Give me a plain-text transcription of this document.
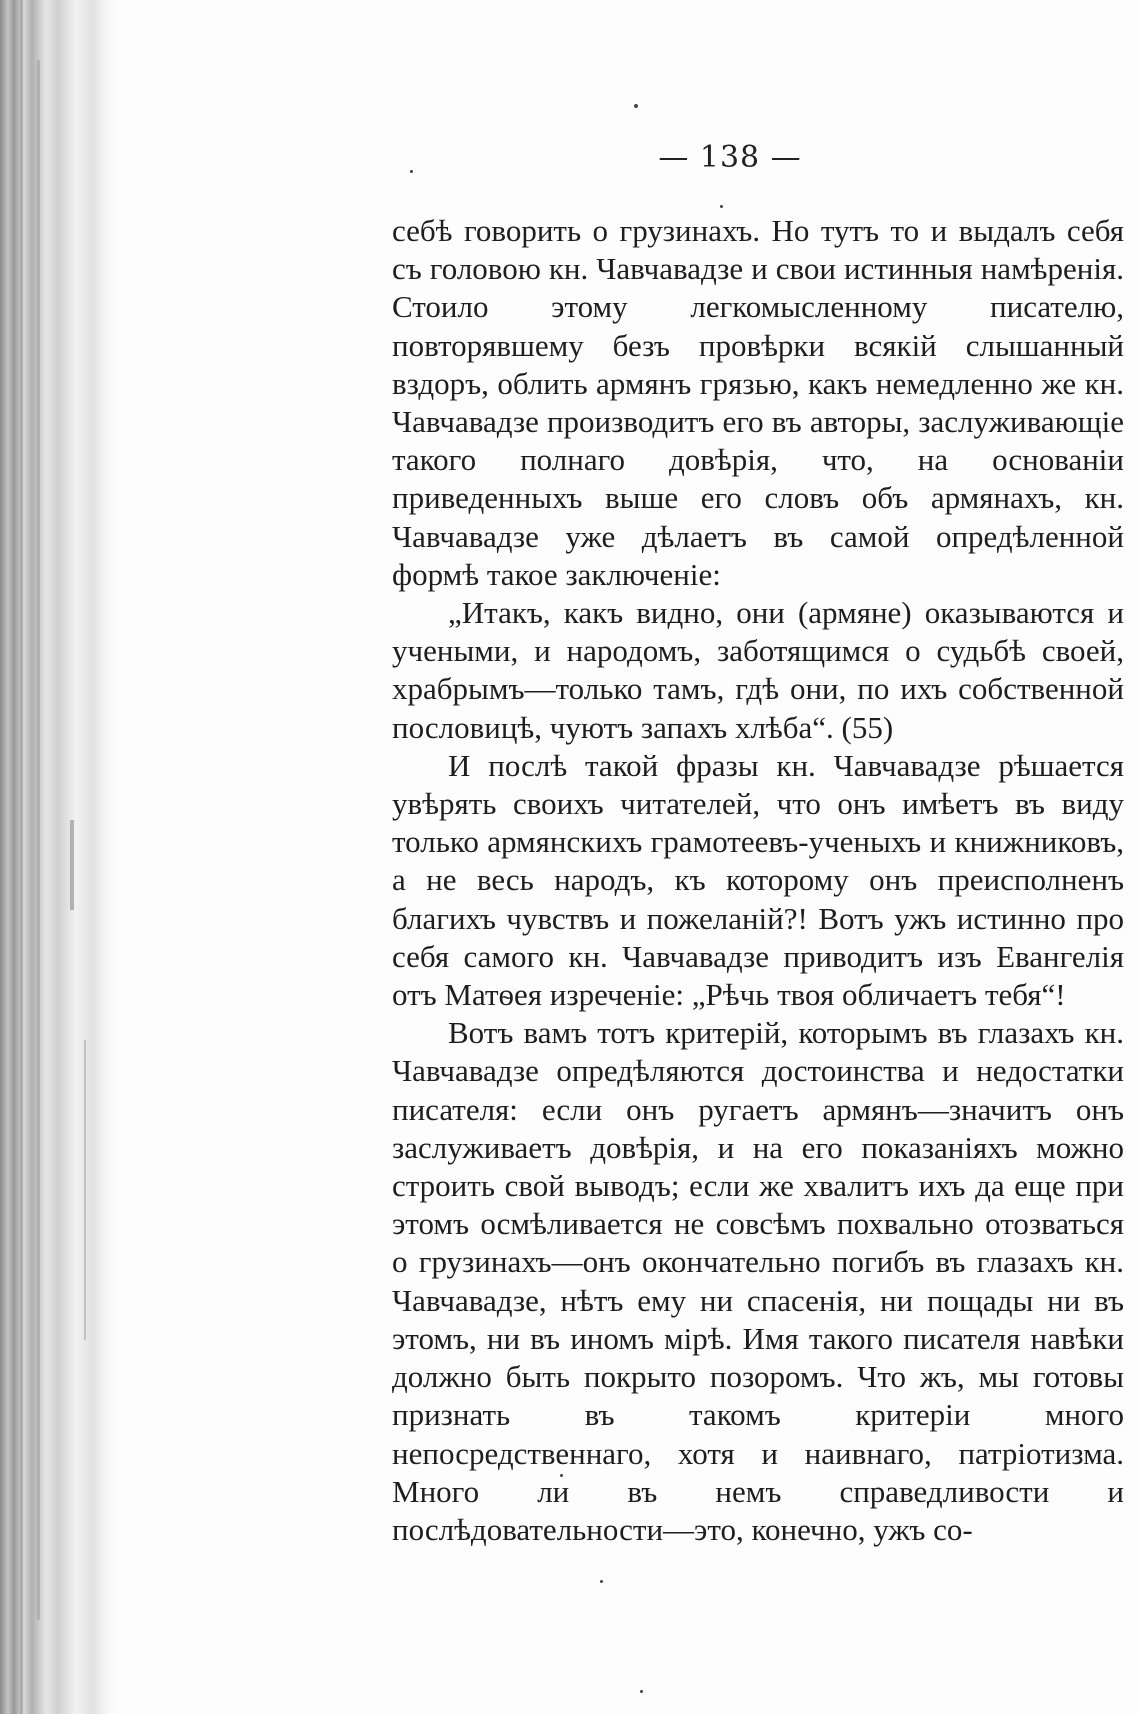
— 138 —

себѣ говорить о грузинахъ. Но тутъ то и выдалъ себя съ головою кн. Чавчавадзе и свои истинныя намѣренія. Стоило этому легкомысленному писателю, повторявшему безъ провѣрки всякій слышанный вздоръ, облить армянъ грязью, какъ немедленно же кн. Чавчавадзе производитъ его въ авторы, заслуживающіе такого полнаго довѣрія, что, на основаніи приведенныхъ выше его словъ объ армянахъ, кн. Чавчавадзе уже дѣлаетъ въ самой опредѣленной формѣ такое заключеніе:

„Итакъ, какъ видно, они (армяне) оказываются и учеными, и народомъ, заботящимся о судьбѣ своей, храбрымъ—только тамъ, гдѣ они, по ихъ собственной пословицѣ, чуютъ запахъ хлѣба“. (55)

И послѣ такой фразы кн. Чавчавадзе рѣшается увѣрять своихъ читателей, что онъ имѣетъ въ виду только армянскихъ грамотеевъ-ученыхъ и книжниковъ, а не весь народъ, къ которому онъ преисполненъ благихъ чувствъ и пожеланій?! Вотъ ужъ истинно про себя самого кн. Чавчавадзе приводитъ изъ Евангелія отъ Матѳея изреченіе: „Рѣчь твоя обличаетъ тебя“!

Вотъ вамъ тотъ критерій, которымъ въ глазахъ кн. Чавчавадзе опредѣляются достоинства и недостатки писателя: если онъ ругаетъ армянъ—значитъ онъ заслуживаетъ довѣрія, и на его показаніяхъ можно строить свой выводъ; если же хвалитъ ихъ да еще при этомъ осмѣливается не совсѣмъ похвально отозваться о грузинахъ—онъ окончательно погибъ въ глазахъ кн. Чавчавадзе, нѣтъ ему ни спасенія, ни пощады ни въ этомъ, ни въ иномъ мірѣ. Имя такого писателя навѣки должно быть покрыто позоромъ. Что жъ, мы готовы признать въ такомъ критеріи много непосредственнаго, хотя и наивнаго, патріотизма. Много ли въ немъ справедливости и послѣдовательности—это, конечно, ужъ со-
